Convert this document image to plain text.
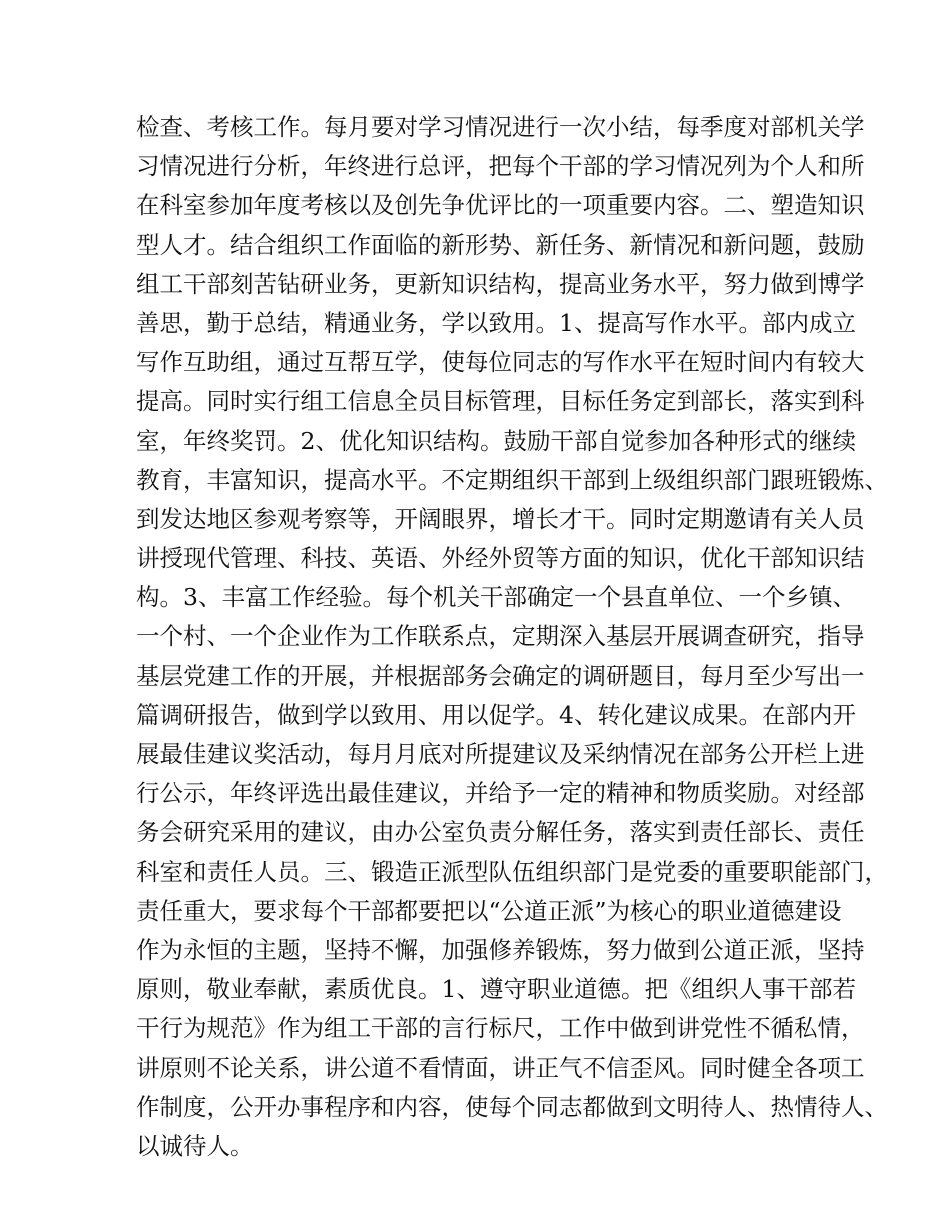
检查、考核工作。每月要对学习情况进行一次小结，每季度对部机关学
习情况进行分析，年终进行总评，把每个干部的学习情况列为个人和所
在科室参加年度考核以及创先争优评比的一项重要内容。二、塑造知识
型人才。结合组织工作面临的新形势、新任务、新情况和新问题，鼓励
组工干部刻苦钻研业务，更新知识结构，提高业务水平，努力做到博学
善思，勤于总结，精通业务，学以致用。1、提高写作水平。部内成立
写作互助组，通过互帮互学，使每位同志的写作水平在短时间内有较大
提高。同时实行组工信息全员目标管理，目标任务定到部长，落实到科
室，年终奖罚。2、优化知识结构。鼓励干部自觉参加各种形式的继续
教育，丰富知识，提高水平。不定期组织干部到上级组织部门跟班锻炼、
到发达地区参观考察等，开阔眼界，增长才干。同时定期邀请有关人员
讲授现代管理、科技、英语、外经外贸等方面的知识，优化干部知识结
构。3、丰富工作经验。每个机关干部确定一个县直单位、一个乡镇、
一个村、一个企业作为工作联系点，定期深入基层开展调查研究，指导
基层党建工作的开展，并根据部务会确定的调研题目，每月至少写出一
篇调研报告，做到学以致用、用以促学。4、转化建议成果。在部内开
展最佳建议奖活动，每月月底对所提建议及采纳情况在部务公开栏上进
行公示，年终评选出最佳建议，并给予一定的精神和物质奖励。对经部
务会研究采用的建议，由办公室负责分解任务，落实到责任部长、责任
科室和责任人员。三、锻造正派型队伍组织部门是党委的重要职能部门，
责任重大，要求每个干部都要把以“公道正派”为核心的职业道德建设
作为永恒的主题，坚持不懈，加强修养锻炼，努力做到公道正派，坚持
原则，敬业奉献，素质优良。1、遵守职业道德。把《组织人事干部若
干行为规范》作为组工干部的言行标尺，工作中做到讲党性不循私情，
讲原则不论关系，讲公道不看情面，讲正气不信歪风。同时健全各项工
作制度，公开办事程序和内容，使每个同志都做到文明待人、热情待人、
以诚待人。
